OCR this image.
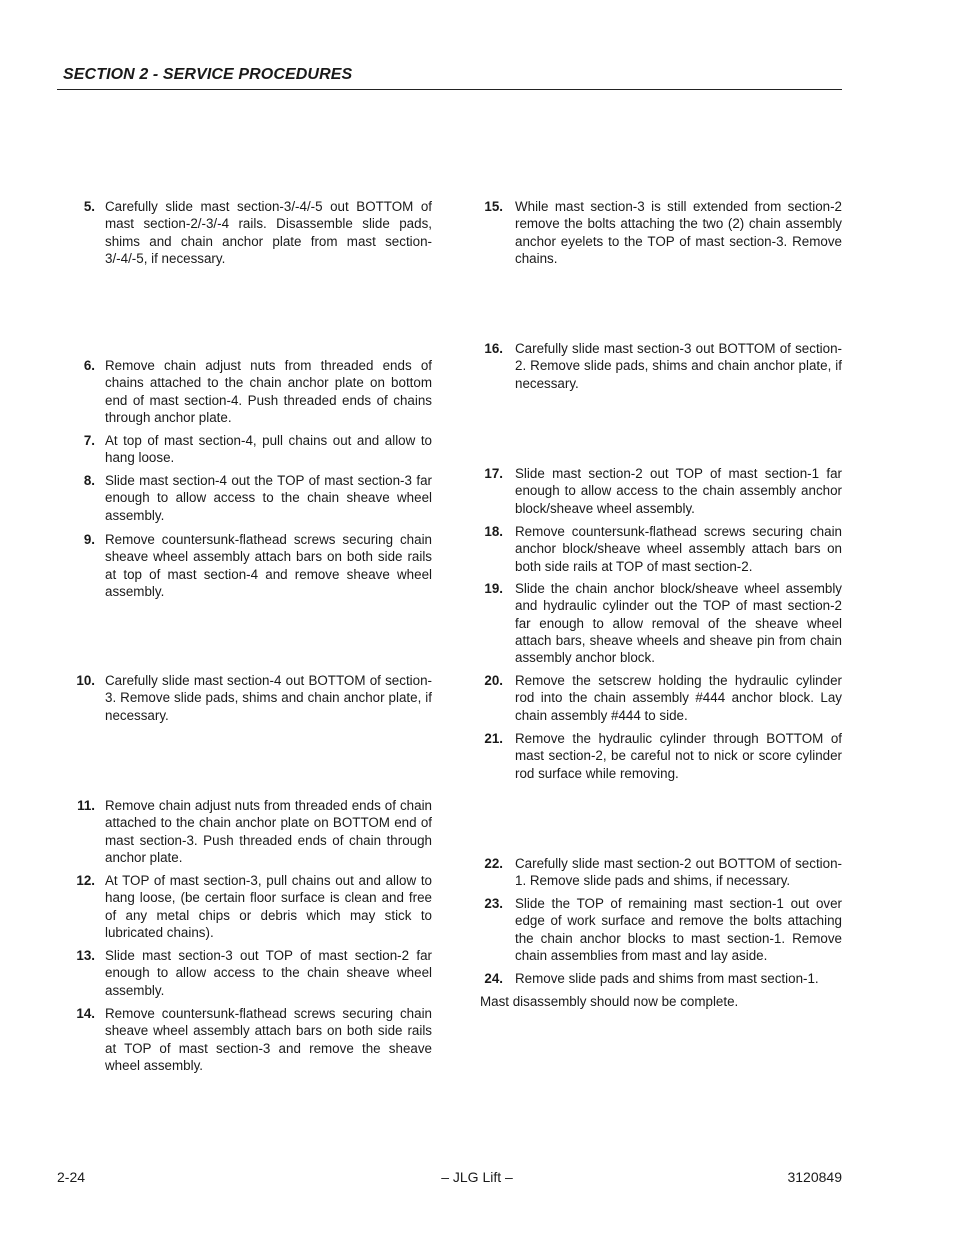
SECTION 2 - SERVICE PROCEDURES
5. Carefully slide mast section-3/-4/-5 out BOTTOM of mast section-2/-3/-4 rails. Disassemble slide pads, shims and chain anchor plate from mast section-3/-4/-5, if necessary.
6. Remove chain adjust nuts from threaded ends of chains attached to the chain anchor plate on bottom end of mast section-4. Push threaded ends of chains through anchor plate.
7. At top of mast section-4, pull chains out and allow to hang loose.
8. Slide mast section-4 out the TOP of mast section-3 far enough to allow access to the chain sheave wheel assembly.
9. Remove countersunk-flathead screws securing chain sheave wheel assembly attach bars on both side rails at top of mast section-4 and remove sheave wheel assembly.
10. Carefully slide mast section-4 out BOTTOM of section-3. Remove slide pads, shims and chain anchor plate, if necessary.
11. Remove chain adjust nuts from threaded ends of chain attached to the chain anchor plate on BOTTOM end of mast section-3. Push threaded ends of chain through anchor plate.
12. At TOP of mast section-3, pull chains out and allow to hang loose, (be certain floor surface is clean and free of any metal chips or debris which may stick to lubricated chains).
13. Slide mast section-3 out TOP of mast section-2 far enough to allow access to the chain sheave wheel assembly.
14. Remove countersunk-flathead screws securing chain sheave wheel assembly attach bars on both side rails at TOP of mast section-3 and remove the sheave wheel assembly.
15. While mast section-3 is still extended from section-2 remove the bolts attaching the two (2) chain assembly anchor eyelets to the TOP of mast section-3. Remove chains.
16. Carefully slide mast section-3 out BOTTOM of section-2. Remove slide pads, shims and chain anchor plate, if necessary.
17. Slide mast section-2 out TOP of mast section-1 far enough to allow access to the chain assembly anchor block/sheave wheel assembly.
18. Remove countersunk-flathead screws securing chain anchor block/sheave wheel assembly attach bars on both side rails at TOP of mast section-2.
19. Slide the chain anchor block/sheave wheel assembly and hydraulic cylinder out the TOP of mast section-2 far enough to allow removal of the sheave wheel attach bars, sheave wheels and sheave pin from chain assembly anchor block.
20. Remove the setscrew holding the hydraulic cylinder rod into the chain assembly #444 anchor block. Lay chain assembly #444 to side.
21. Remove the hydraulic cylinder through BOTTOM of mast section-2, be careful not to nick or score cylinder rod surface while removing.
22. Carefully slide mast section-2 out BOTTOM of section-1. Remove slide pads and shims, if necessary.
23. Slide the TOP of remaining mast section-1 out over edge of work surface and remove the bolts attaching the chain anchor blocks to mast section-1. Remove chain assemblies from mast and lay aside.
24. Remove slide pads and shims from mast section-1.
Mast disassembly should now be complete.
2-24	– JLG Lift –	3120849
